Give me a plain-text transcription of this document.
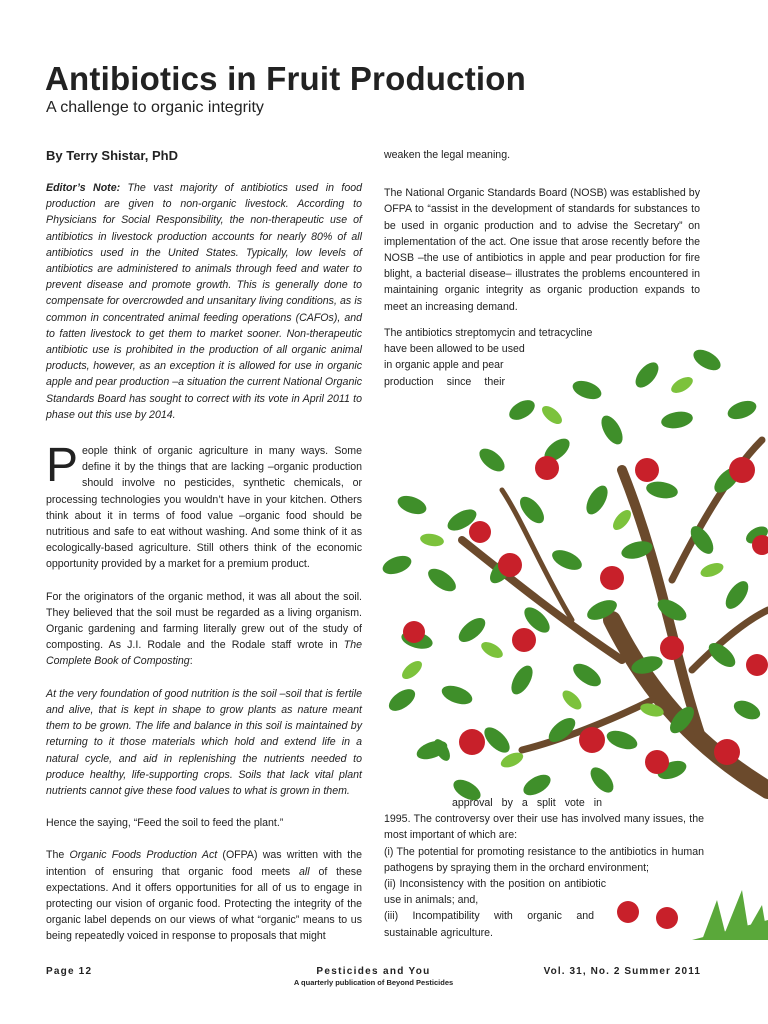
Antibiotics in Fruit Production
A challenge to organic integrity
By Terry Shistar, PhD

Editor’s Note: The vast majority of antibiotics used in food production are given to non-organic livestock. According to Physicians for Social Responsibility, the non-therapeutic use of antibiotics in livestock production accounts for nearly 80% of all antibiotics used in the United States. Typically, low levels of antibiotics are administered to animals through feed and water to prevent disease and promote growth. This is generally done to compensate for overcrowded and unsanitary living conditions, as is common in concentrated animal feeding operations (CAFOs), and to fatten livestock to get them to market sooner. Non-therapeutic antibiotic use is prohibited in the production of all organic animal products, however, as an exception it is allowed for use in organic apple and pear production –a situation the current National Organic Standards Board has sought to correct with its vote in April 2011 to phase out this use by 2014.

People think of organic agriculture in many ways. Some define it by the things that are lacking –organic production should involve no pesticides, synthetic chemicals, or processing technologies you wouldn’t have in your kitchen. Others think about it in terms of food value –organic food should be nutritious and safe to eat without washing. And some think of it as ecologically-based agriculture. Still others think of the economic opportunity provided by a market for a premium product.

For the originators of the organic method, it was all about the soil. They believed that the soil must be regarded as a living organism. Organic gardening and farming literally grew out of the study of composting. As J.I. Rodale and the Rodale staff wrote in The Complete Book of Composting:

At the very foundation of good nutrition is the soil –soil that is fertile and alive, that is kept in shape to grow plants as nature meant them to be grown. The life and balance in this soil is maintained by returning to it those materials which hold and extend life in a natural cycle, and aid in replenishing the nutrients needed to produce healthy, life-supporting crops. Soils that lack vital plant nutrients cannot give these food values to what is grown in them.

Hence the saying, “Feed the soil to feed the plant.”

The Organic Foods Production Act (OFPA) was written with the intention of ensuring that organic food meets all of these expectations. And it offers opportunities for all of us to engage in protecting our vision of organic food. Protecting the integrity of the organic label depends on our views of what “organic” means to us being repeatedly voiced in response to proposals that might

weaken the legal meaning.

The National Organic Standards Board (NOSB) was established by OFPA to “assist in the development of standards for substances to be used in organic production and to advise the Secretary” on implementation of the act. One issue that arose recently before the NOSB –the use of antibiotics in apple and pear production for fire blight, a bacterial disease– illustrates the problems encountered in maintaining organic integrity as organic production expands to meet an increasing demand.

The antibiotics streptomycin and tetracycline

have been allowed to be used

in organic apple and pear

production since their

approval by a split vote in

1995. The controversy over their use has involved many issues, the most important of which are:

(i) The potential for promoting resistance to the antibiotics in human pathogens by spraying them in the orchard environment;

(ii) Inconsistency with the position on antibiotic use in animals; and,

(iii) Incompatibility with organic and sustainable agriculture.

Page 12	Pesticides and You
A quarterly publication of Beyond Pesticides
Vol. 31, No. 2 Summer 2011
